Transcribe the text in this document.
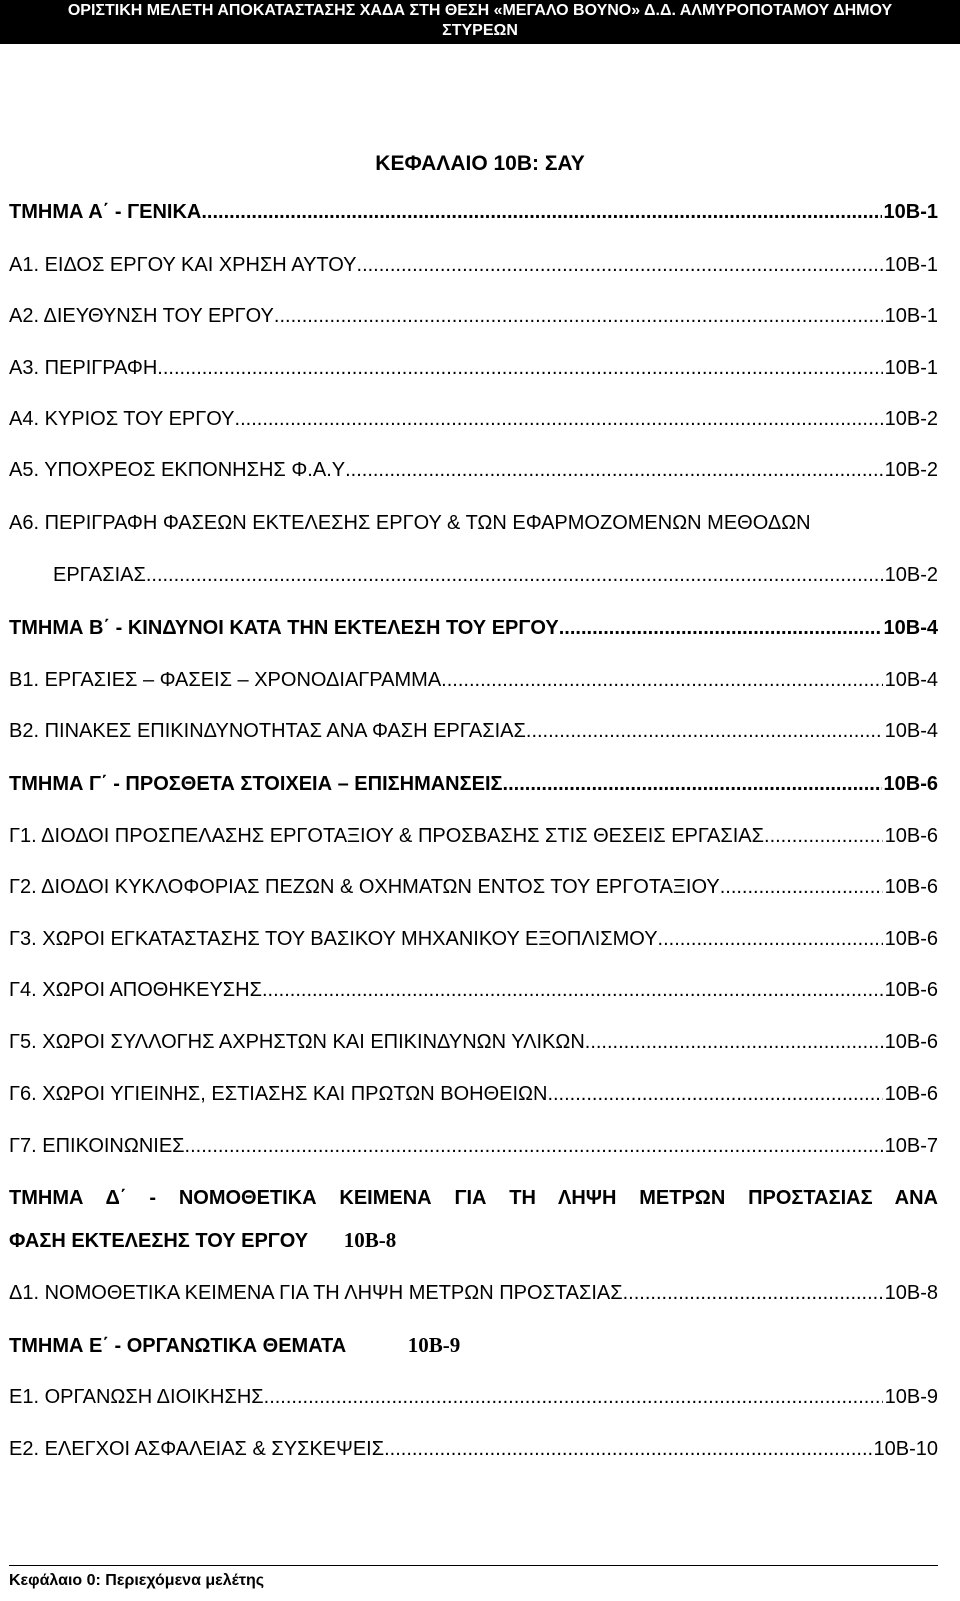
ΟΡΙΣΤΙΚΗ ΜΕΛΕΤΗ ΑΠΟΚΑΤΑΣΤΑΣΗΣ ΧΑΔΑ ΣΤΗ ΘΕΣΗ «ΜΕΓΑΛΟ ΒΟΥΝΟ» Δ.Δ. ΑΛΜΥΡΟΠΟΤΑΜΟΥ ΔΗΜΟΥ
ΣΤΥΡΕΩΝ
ΚΕΦΑΛΑΙΟ 10Β: ΣΑΥ
ΤΜΗΜΑ Α΄ - ΓΕΝΙΚΑ .....	10Β-1
Α1. ΕΙΔΟΣ ΕΡΓΟΥ ΚΑΙ ΧΡΗΣΗ ΑΥΤΟΥ .....	10Β-1
Α2. ΔΙΕΥΘΥΝΣΗ ΤΟΥ ΕΡΓΟΥ .....	10Β-1
Α3. ΠΕΡΙΓΡΑΦΗ .....	10Β-1
Α4. ΚΥΡΙΟΣ ΤΟΥ ΕΡΓΟΥ .....	10Β-2
Α5. ΥΠΟΧΡΕΟΣ ΕΚΠΟΝΗΣΗΣ Φ.Α.Υ .....	10Β-2
Α6. ΠΕΡΙΓΡΑΦΗ ΦΑΣΕΩΝ ΕΚΤΕΛΕΣΗΣ ΕΡΓΟΥ & ΤΩΝ ΕΦΑΡΜΟΖΟΜΕΝΩΝ ΜΕΘΟΔΩΝ
ΕΡΓΑΣΙΑΣ .....	10Β-2
ΤΜΗΜΑ Β΄ - ΚΙΝΔΥΝΟΙ ΚΑΤΑ ΤΗΝ ΕΚΤΕΛΕΣΗ ΤΟΥ ΕΡΓΟΥ .....	10Β-4
Β1. ΕΡΓΑΣΙΕΣ – ΦΑΣΕΙΣ – ΧΡΟΝΟΔΙΑΓΡΑΜΜΑ .....	10Β-4
Β2. ΠΙΝΑΚΕΣ ΕΠΙΚΙΝΔΥΝΟΤΗΤΑΣ ΑΝΑ ΦΑΣΗ ΕΡΓΑΣΙΑΣ .....	10Β-4
ΤΜΗΜΑ Γ΄ - ΠΡΟΣΘΕΤΑ ΣΤΟΙΧΕΙΑ – ΕΠΙΣΗΜΑΝΣΕΙΣ .....	10Β-6
Γ1. ΔΙΟΔΟΙ ΠΡΟΣΠΕΛΑΣΗΣ ΕΡΓΟΤΑΞΙΟΥ & ΠΡΟΣΒΑΣΗΣ ΣΤΙΣ ΘΕΣΕΙΣ ΕΡΓΑΣΙΑΣ .....	10Β-6
Γ2. ΔΙΟΔΟΙ ΚΥΚΛΟΦΟΡΙΑΣ ΠΕΖΩΝ & ΟΧΗΜΑΤΩΝ ΕΝΤΟΣ ΤΟΥ ΕΡΓΟΤΑΞΙΟΥ .....	10Β-6
Γ3. ΧΩΡΟΙ ΕΓΚΑΤΑΣΤΑΣΗΣ ΤΟΥ ΒΑΣΙΚΟΥ ΜΗΧΑΝΙΚΟΥ ΕΞΟΠΛΙΣΜΟΥ .....	10Β-6
Γ4. ΧΩΡΟΙ ΑΠΟΘΗΚΕΥΣΗΣ .....	10Β-6
Γ5. ΧΩΡΟΙ ΣΥΛΛΟΓΗΣ ΑΧΡΗΣΤΩΝ ΚΑΙ ΕΠΙΚΙΝΔΥΝΩΝ ΥΛΙΚΩΝ .....	10Β-6
Γ6. ΧΩΡΟΙ ΥΓΙΕΙΝΗΣ, ΕΣΤΙΑΣΗΣ ΚΑΙ ΠΡΩΤΩΝ ΒΟΗΘΕΙΩΝ .....	10Β-6
Γ7. ΕΠΙΚΟΙΝΩΝΙΕΣ .....	10Β-7
ΤΜΗΜΑ Δ΄ - ΝΟΜΟΘΕΤΙΚΑ ΚΕΙΜΕΝΑ ΓΙΑ ΤΗ ΛΗΨΗ ΜΕΤΡΩΝ ΠΡΟΣΤΑΣΙΑΣ ΑΝΑ
ΦΑΣΗ ΕΚΤΕΛΕΣΗΣ ΤΟΥ ΕΡΓΟΥ 10Β-8
Δ1. ΝΟΜΟΘΕΤΙΚΑ ΚΕΙΜΕΝΑ ΓΙΑ ΤΗ ΛΗΨΗ ΜΕΤΡΩΝ ΠΡΟΣΤΑΣΙΑΣ .....	10Β-8
ΤΜΗΜΑ Ε΄ - ΟΡΓΑΝΩΤΙΚΑ ΘΕΜΑΤΑ	10Β-9
Ε1. ΟΡΓΑΝΩΣΗ ΔΙΟΙΚΗΣΗΣ .....	10Β-9
Ε2. ΕΛΕΓΧΟΙ ΑΣΦΑΛΕΙΑΣ & ΣΥΣΚΕΨΕΙΣ .....	10Β-10
Κεφάλαιο 0: Περιεχόμενα μελέτης
